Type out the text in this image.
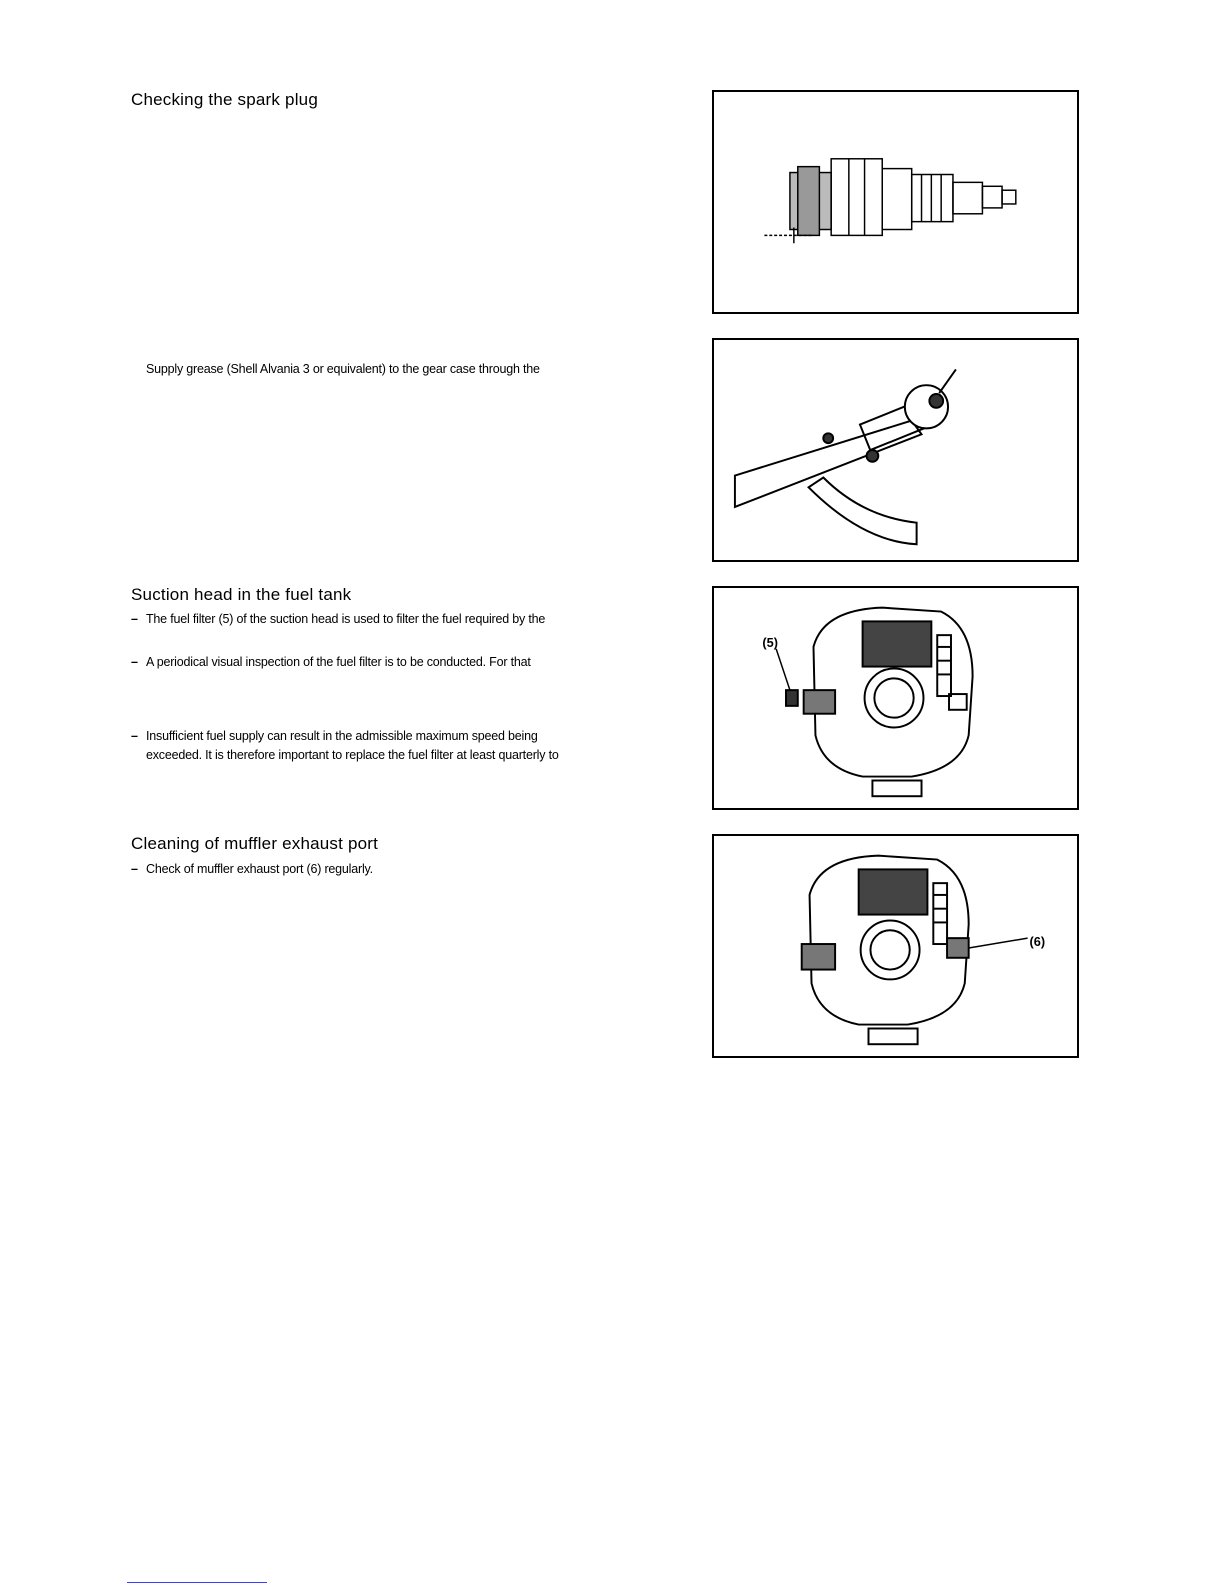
Checking the spark plug
Supply grease (Shell Alvania 3 or equivalent) to the gear case through the
Suction head in the fuel tank
– The fuel filter (5) of the suction head is used to filter the fuel required by the
– A periodical visual inspection of the fuel filter is to be conducted. For that
– Insufficient fuel supply can result in the admissible maximum speed being
exceeded. It is therefore important to replace the fuel filter at least quarterly to
Cleaning of muffler exhaust port
– Check of muffler exhaust port (6) regularly.
(5)
(6)
